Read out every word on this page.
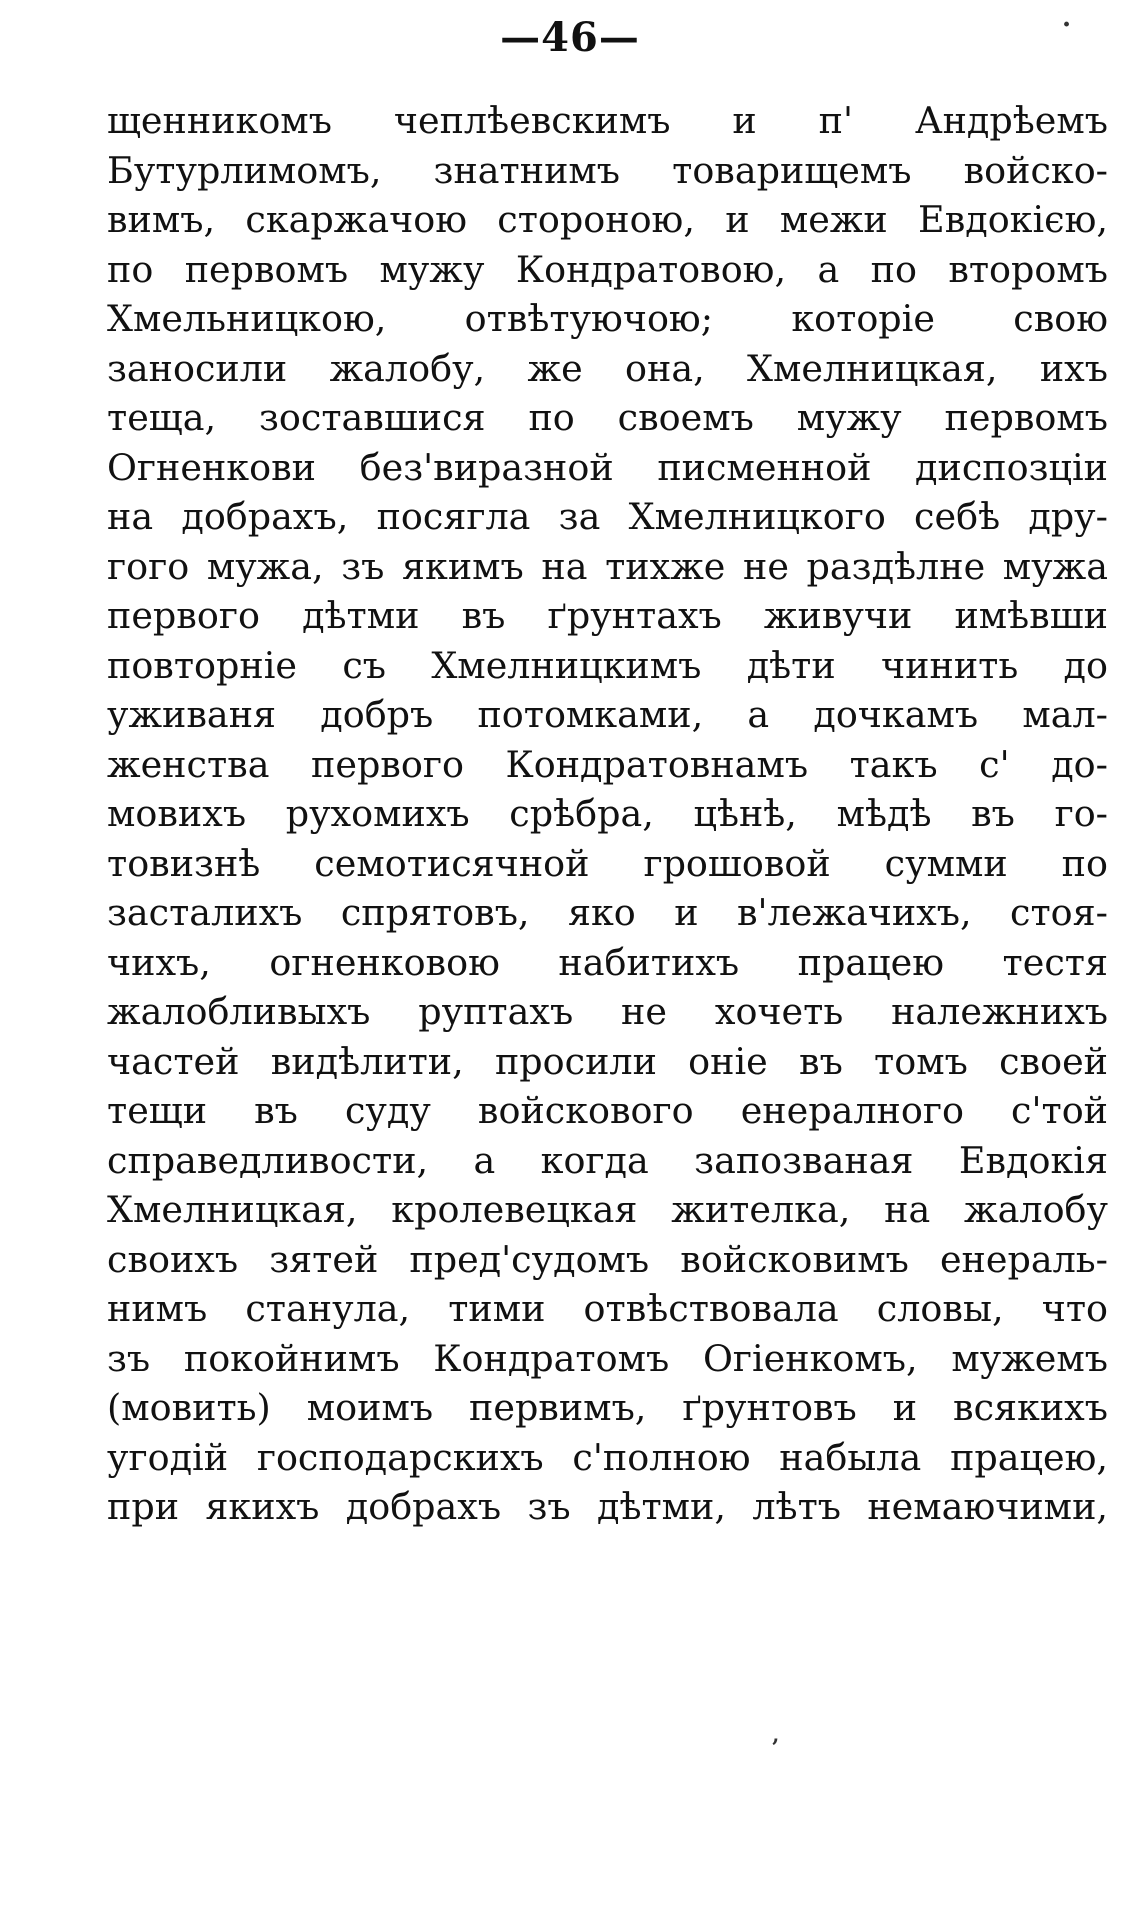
—46—	·
щенникомъ чеплѣевскимъ и п' Андрѣемъ
Бутурлимомъ, знатнимъ товарищемъ войско-
вимъ, скаржачою стороною, и межи Евдокією,
по первомъ мужу Кондратовою, а по второмъ
Хмельницкою, отвѣтуючою; которіе свою
заносили жалобу, же она, Хмелницкая, ихъ
теща, зоставшися по своемъ мужу первомъ
Огненкови без'виразной писменной диспозціи
на добрахъ, посягла за Хмелницкого себѣ дру-
гого мужа, зъ якимъ на тихже не раздѣлне мужа
первого дѣтми въ ґрунтахъ живучи имѣвши
повторніе съ Хмелницкимъ дѣти чинить до
уживаня добръ потомками, а дочкамъ мал-
женства первого Кондратовнамъ такъ с' до-
мовихъ рухомихъ срѣбра, цѣнѣ, мѣдѣ въ го-
товизнѣ семотисячной грошовой сумми по
засталихъ спрятовъ, яко и в'лежачихъ, стоя-
чихъ, огненковою набитихъ працею тестя
жалобливыхъ руптахъ не хочеть належнихъ
частей видѣлити, просили оніе въ томъ своей
тещи въ суду войскового енералного с'той
справедливости, а когда запозваная Евдокія
Хмелницкая, кролевецкая жителка, на жалобу
своихъ зятей пред'судомъ войсковимъ енераль-
нимъ станула, тими отвѣствовала словы, что
зъ покойнимъ Кондратомъ Огіенкомъ, мужемъ
(мовить) моимъ первимъ, ґрунтовъ и всякихъ
угодій господарскихъ с'полною набыла працею,
при якихъ добрахъ зъ дѣтми, лѣтъ немаючими,
ʼ
